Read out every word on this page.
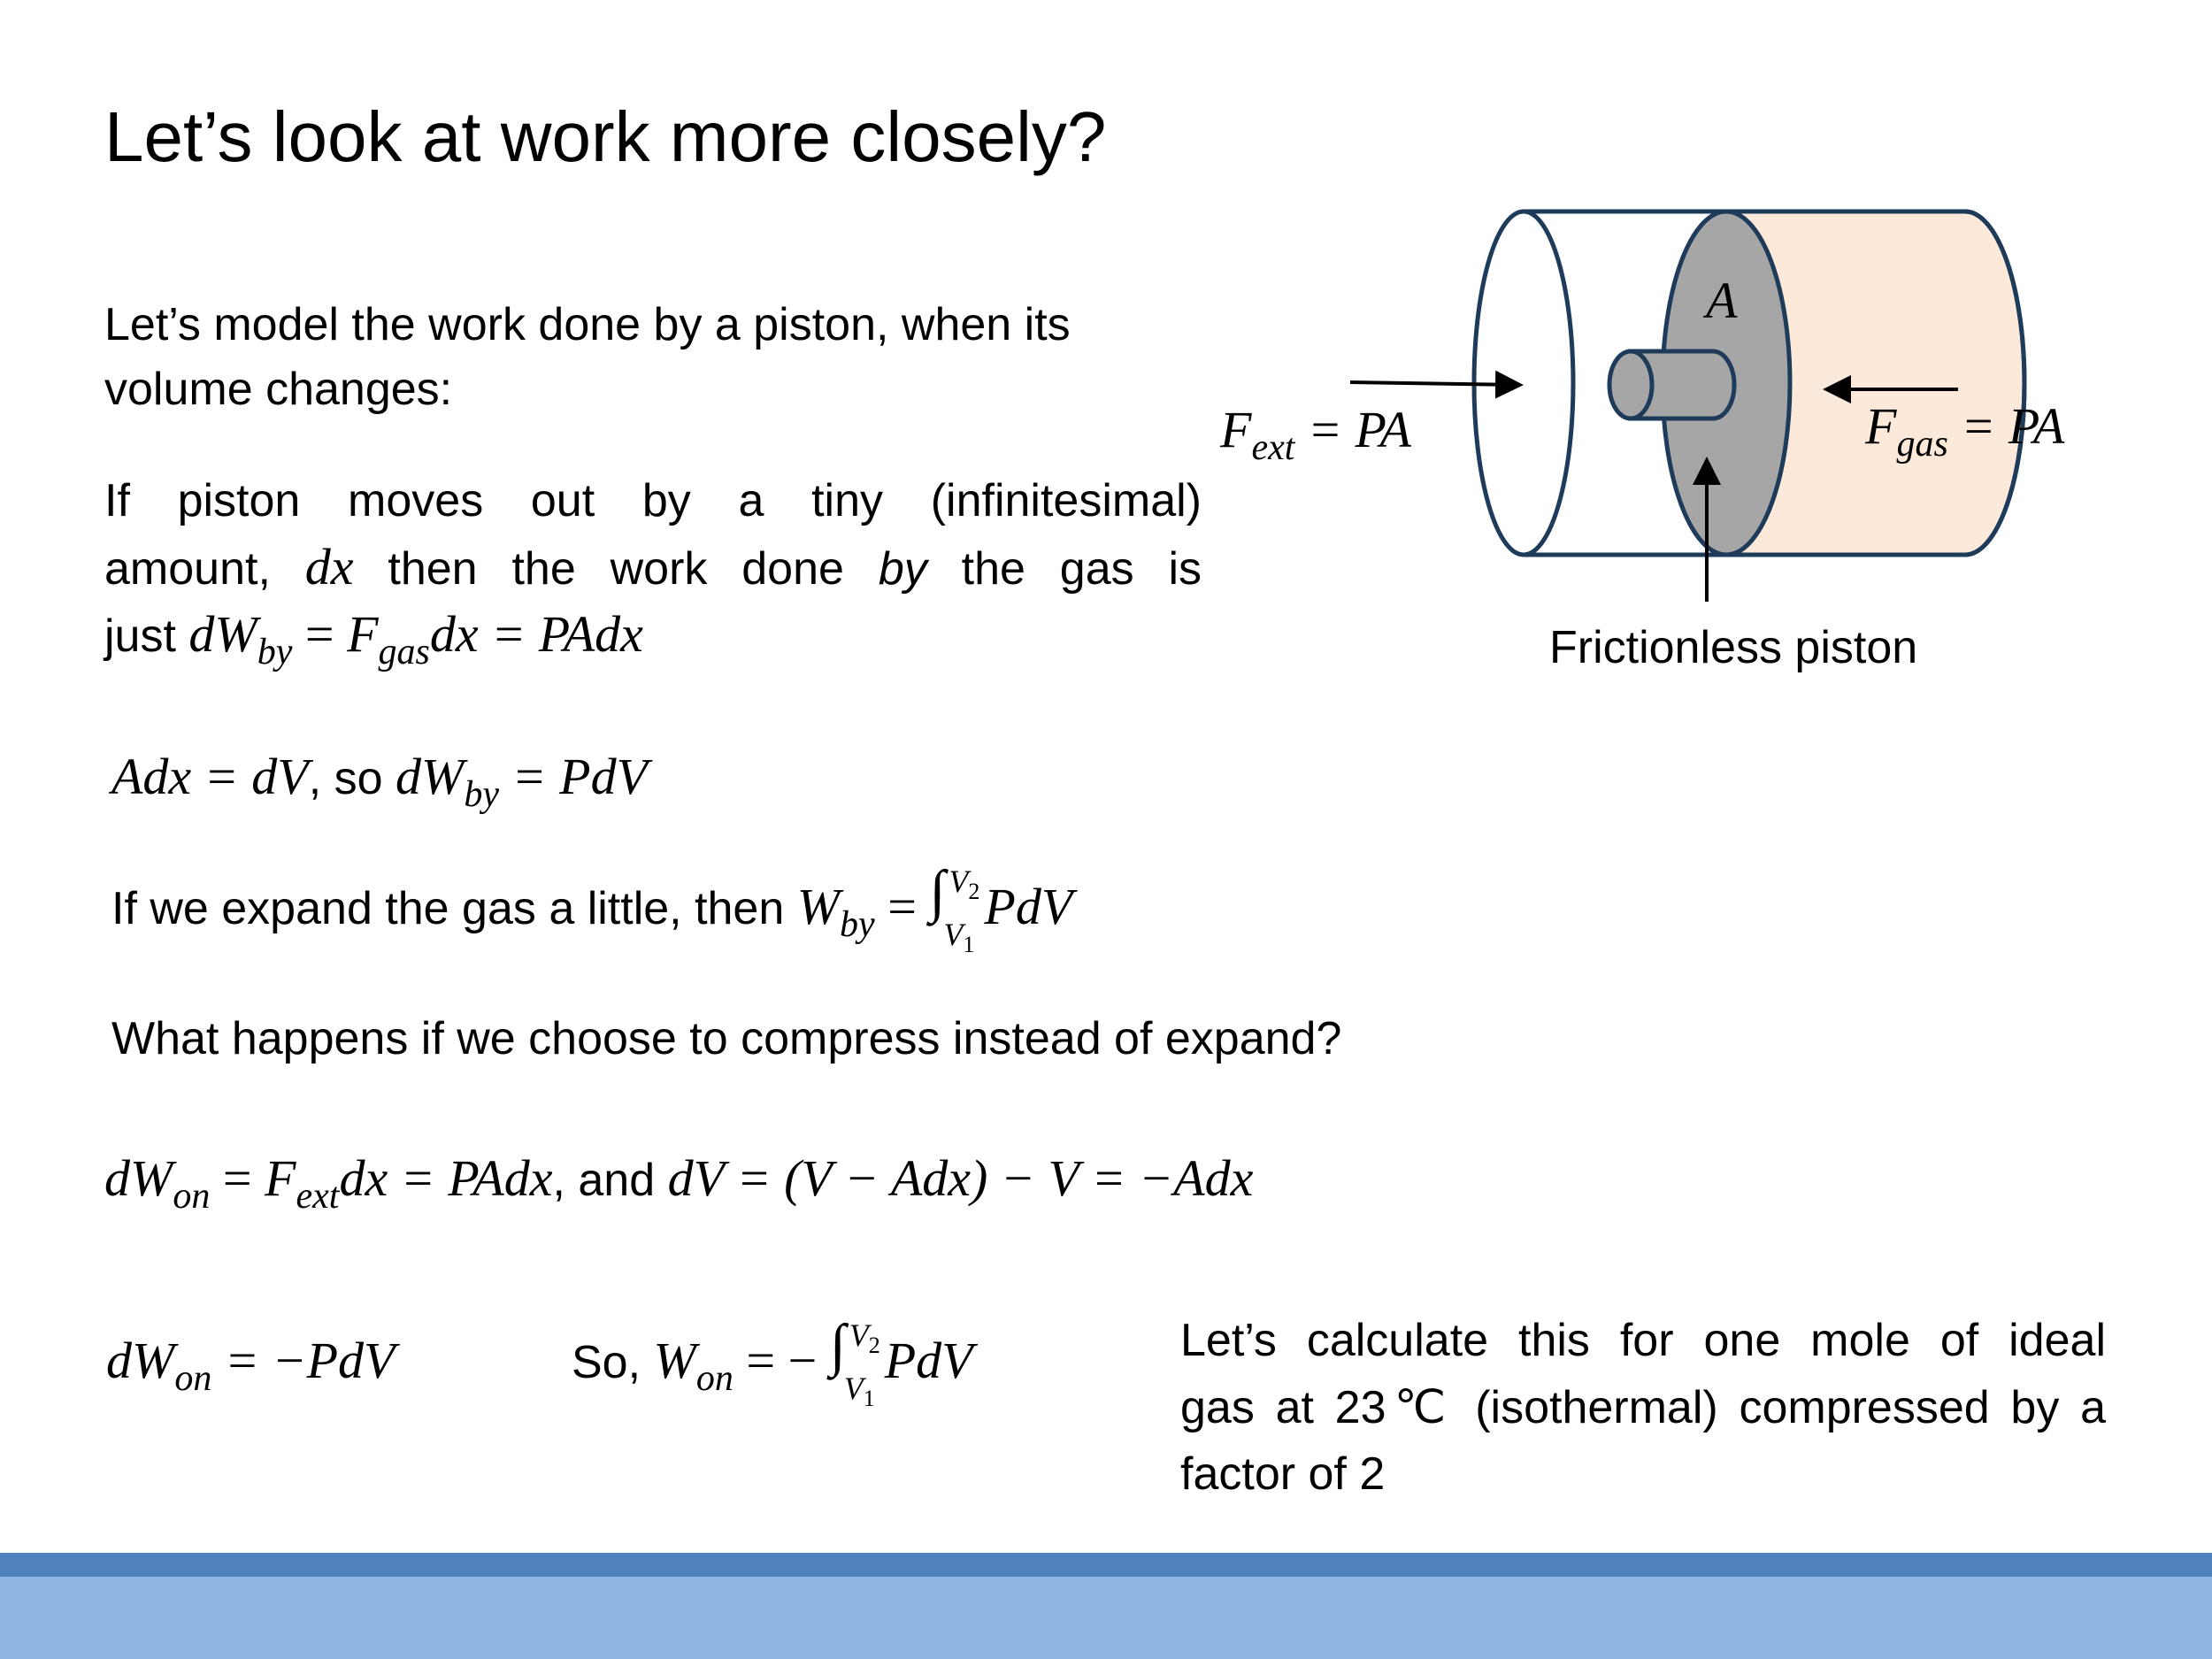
Let’s look at work more closely?
Let’s model the work done by a piston, when its
volume changes:
If piston moves out by a tiny (infinitesimal)
amount, dx then the work done by the gas is
just $dW_{by} = F_{gas}dx$ = PAdx
Adx = dV, so $dW_{by}$ = PdV
If we expand the gas a little, then $W_{by}$ = ∫ $V_2$
$V_1$
PdV
What happens if we choose to compress instead of expand?
$dW_{on} = F_{ext}dx$ = PAdx, and dV = (V − Adx) − V = −Adx
$dW_{on} = -PdV$	So, $W_{on}$ = − ∫ $V_2$
$V_1$
PdV	Let’s calculate this for one mole of ideal
gas at 23℃ (isothermal) compressed by a
factor of 2
A
Fext = PA	Fgas = PA
Frictionless piston
